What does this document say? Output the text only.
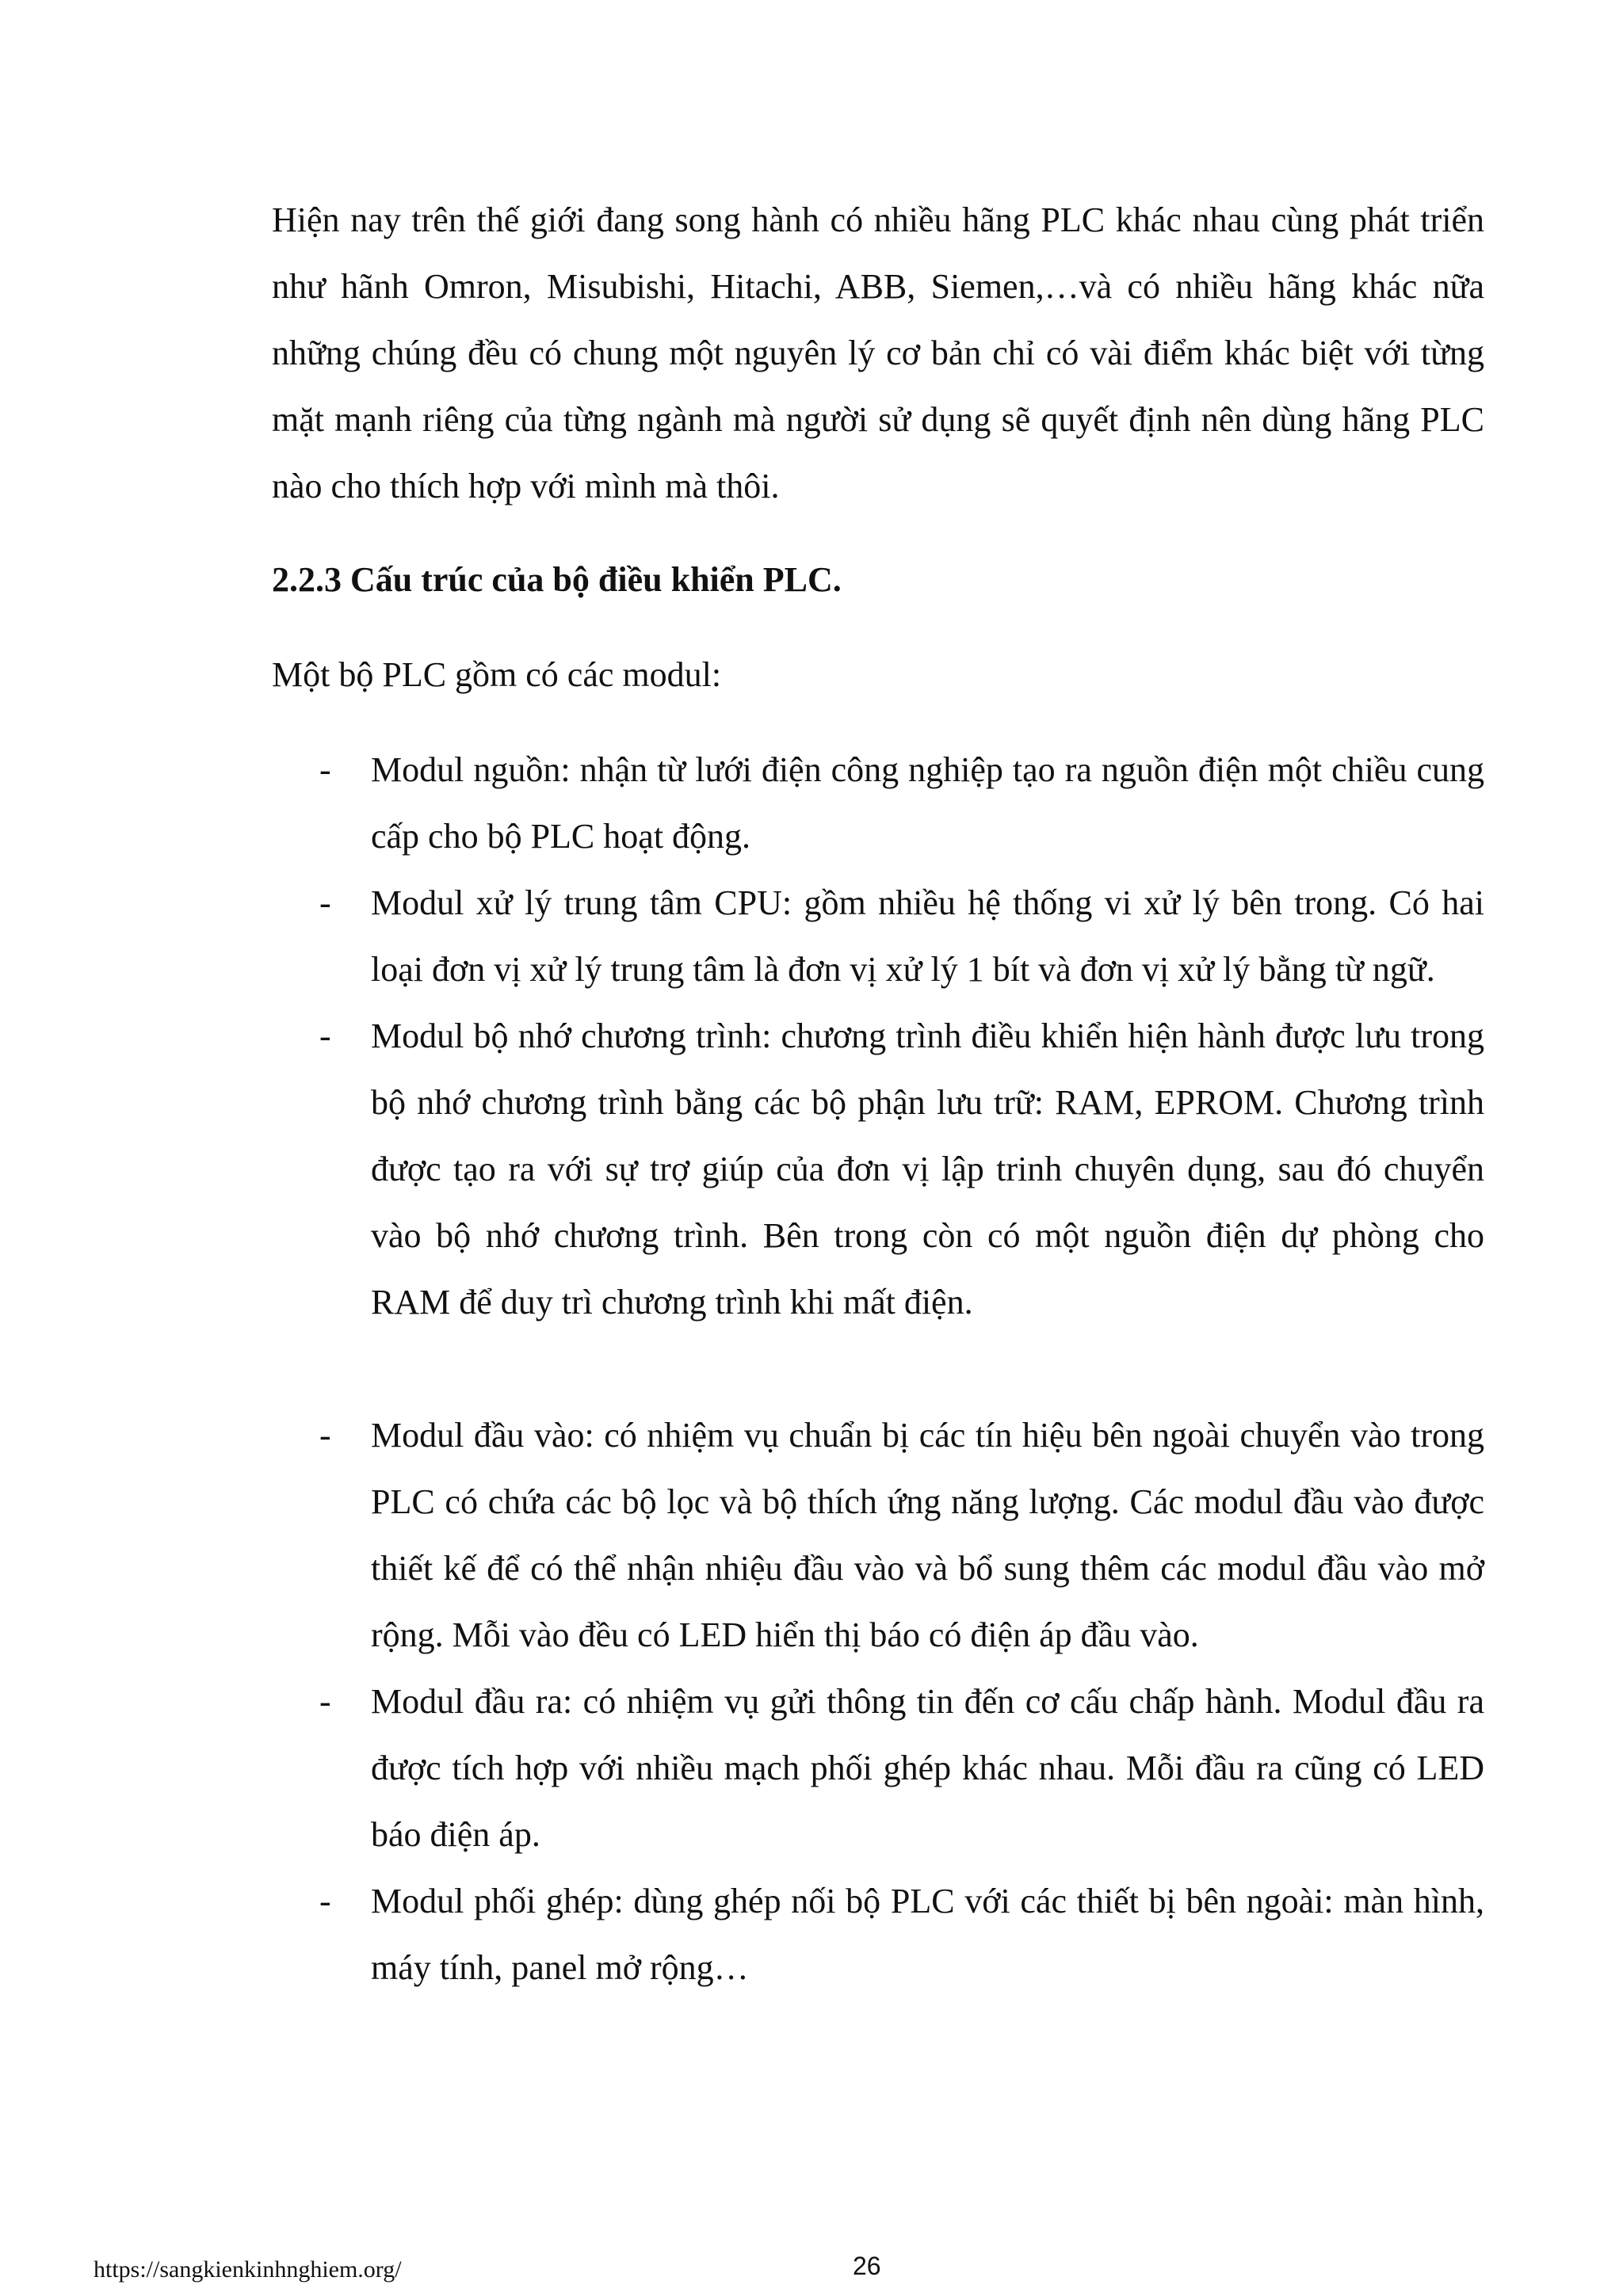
Hiện nay trên thế giới đang song hành có nhiều hãng PLC khác nhau cùng phát triển như hãnh Omron, Misubishi, Hitachi, ABB, Siemen,…và có nhiều hãng khác nữa những chúng đều có chung một nguyên lý cơ bản chỉ có vài điểm khác biệt với từng mặt mạnh riêng của từng ngành mà người sử dụng sẽ quyết định nên dùng hãng PLC nào cho thích hợp với mình mà thôi.

2.2.3 Cấu trúc của bộ điều khiển PLC.

Một bộ PLC gồm có các modul:

- Modul nguồn: nhận từ lưới điện công nghiệp tạo ra nguồn điện một chiều cung cấp cho bộ PLC hoạt động.
- Modul xử lý trung tâm CPU: gồm nhiều hệ thống vi xử lý bên trong. Có hai loại đơn vị xử lý trung tâm là đơn vị xử lý 1 bít và đơn vị xử lý bằng từ ngữ.
- Modul bộ nhớ chương trình: chương trình điều khiển hiện hành được lưu trong bộ nhớ chương trình bằng các bộ phận lưu trữ: RAM, EPROM. Chương trình được tạo ra với sự trợ giúp của đơn vị lập trinh chuyên dụng, sau đó chuyển vào bộ nhớ chương trình. Bên trong còn có một nguồn điện dự phòng cho RAM để duy trì chương trình khi mất điện.
- Modul đầu vào: có nhiệm vụ chuẩn bị các tín hiệu bên ngoài chuyển vào trong PLC có chứa các bộ lọc và bộ thích ứng năng lượng. Các modul đầu vào được thiết kế để có thể nhận nhiệu đầu vào và bổ sung thêm các modul đầu vào mở rộng. Mỗi vào đều có LED hiển thị báo có điện áp đầu vào.
- Modul đầu ra: có nhiệm vụ gửi thông tin đến cơ cấu chấp hành. Modul đầu ra được tích hợp với nhiều mạch phối ghép khác nhau. Mỗi đầu ra cũng có LED báo điện áp.
- Modul phối ghép: dùng ghép nối bộ PLC với các thiết bị bên ngoài: màn hình, máy tính, panel mở rộng…
https://sangkienkinhnghiem.org/	26
